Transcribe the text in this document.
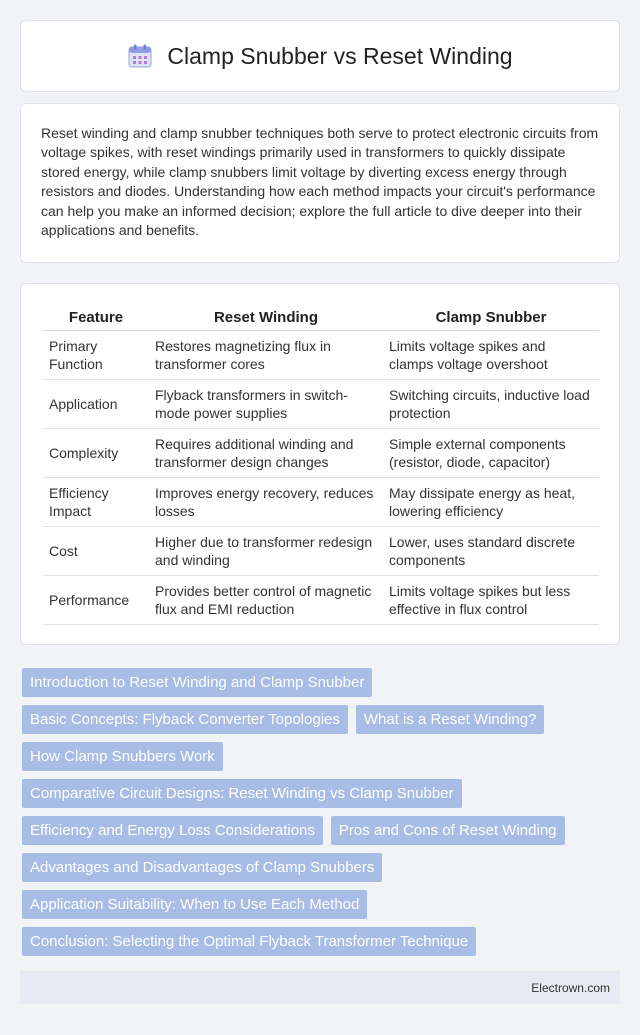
Clamp Snubber vs Reset Winding

Reset winding and clamp snubber techniques both serve to protect electronic circuits from voltage spikes, with reset windings primarily used in transformers to quickly dissipate stored energy, while clamp snubbers limit voltage by diverting excess energy through resistors and diodes. Understanding how each method impacts your circuit's performance can help you make an informed decision; explore the full article to dive deeper into their applications and benefits.

Feature	Reset Winding	Clamp Snubber
Primary Function	Restores magnetizing flux in transformer cores	Limits voltage spikes and clamps voltage overshoot
Application	Flyback transformers in switch-mode power supplies	Switching circuits, inductive load protection
Complexity	Requires additional winding and transformer design changes	Simple external components (resistor, diode, capacitor)
Efficiency Impact	Improves energy recovery, reduces losses	May dissipate energy as heat, lowering efficiency
Cost	Higher due to transformer redesign and winding	Lower, uses standard discrete components
Performance	Provides better control of magnetic flux and EMI reduction	Limits voltage spikes but less effective in flux control
Introduction to Reset Winding and Clamp Snubber
Basic Concepts: Flyback Converter Topologies	What is a Reset Winding?
How Clamp Snubbers Work
Comparative Circuit Designs: Reset Winding vs Clamp Snubber
Efficiency and Energy Loss Considerations	Pros and Cons of Reset Winding
Advantages and Disadvantages of Clamp Snubbers
Application Suitability: When to Use Each Method
Conclusion: Selecting the Optimal Flyback Transformer Technique
Electrown.com
